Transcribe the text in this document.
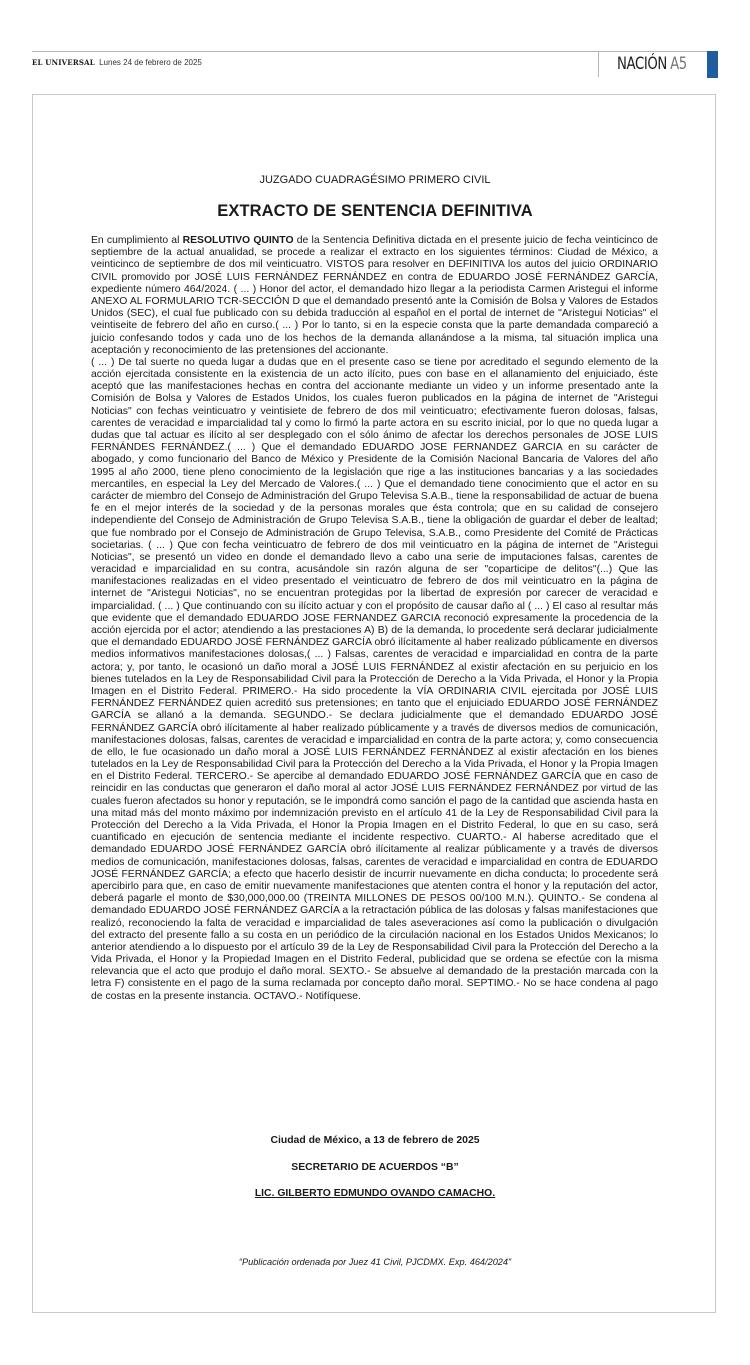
EL UNIVERSAL Lunes 24 de febrero de 2025	NACIÓN A5
JUZGADO CUADRAGÉSIMO PRIMERO CIVIL
EXTRACTO DE SENTENCIA DEFINITIVA

En cumplimiento al RESOLUTIVO QUINTO de la Sentencia Definitiva dictada en el presente juicio de fecha veinticinco de septiembre de la actual anualidad, se procede a realizar el extracto en los siguientes términos: Ciudad de México, a veinticinco de septiembre de dos mil veinticuatro. VISTOS para resolver en DEFINITIVA los autos del juicio ORDINARIO CIVIL promovido por JOSÉ LUIS FERNÁNDEZ FERNÁNDEZ en contra de EDUARDO JOSÉ FERNÁNDEZ GARCÍA, expediente número 464/2024. ( ... ) Honor del actor, el demandado hizo llegar a la periodista Carmen Aristegui el informe ANEXO AL FORMULARIO TCR-SECCIÓN D que el demandado presentó ante la Comisión de Bolsa y Valores de Estados Unidos (SEC), el cual fue publicado con su debida traducción al español en el portal de internet de "Aristegui Noticias" el veintiseite de febrero del año en curso.( ... ) Por lo tanto, si en la especie consta que la parte demandada compareció a juicio confesando todos y cada uno de los hechos de la demanda allanándose a la misma, tal situación implica una aceptación y reconocimiento de las pretensiones del accionante.

( ... ) De tal suerte no queda lugar a dudas que en el presente caso se tiene por acreditado el segundo elemento de la acción ejercitada consistente en la existencia de un acto ilícito, pues con base en el allanamiento del enjuiciado, éste aceptó que las manifestaciones hechas en contra del accionante mediante un video y un informe presentado ante la Comisión de Bolsa y Valores de Estados Unidos, los cuales fueron publicados en la página de internet de "Aristegui Noticias" con fechas veinticuatro y veintisiete de febrero de dos mil veinticuatro; efectivamente fueron dolosas, falsas, carentes de veracidad e imparcialidad tal y como lo firmó la parte actora en su escrito inicial, por lo que no queda lugar a dudas que tal actuar es ilícito al ser desplegado con el sólo ánimo de afectar los derechos personales de JOSE LUIS FERNÁNDES FERNÁNDEZ.( ... ) Que el demandado EDUARDO JOSE FERNANDEZ GARCIA en su carácter de abogado, y como funcionario del Banco de México y Presidente de la Comisión Nacional Bancaria de Valores del año 1995 al año 2000, tiene pleno conocimiento de la legislación que rige a las instituciones bancarias y a las sociedades mercantiles, en especial la Ley del Mercado de Valores.( ... ) Que el demandado tiene conocimiento que el actor en su carácter de miembro del Consejo de Administración del Grupo Televisa S.A.B., tiene la responsabilidad de actuar de buena fe en el mejor interés de la sociedad y de la personas morales que ésta controla; que en su calidad de consejero independiente del Consejo de Administración de Grupo Televisa S.A.B., tiene la obligación de guardar el deber de lealtad; que fue nombrado por el Consejo de Administración de Grupo Televisa, S.A.B., como Presidente del Comité de Prácticas societarias. ( ... ) Que con fecha veinticuatro de febrero de dos mil veinticuatro en la página de internet de "Aristegui Noticias", se presentó un video en donde el demandado llevo a cabo una serie de imputaciones falsas, carentes de veracidad e imparcialidad en su contra, acusándole sin razón alguna de ser "coparticipe de delitos"(...) Que las manifestaciones realizadas en el video presentado el veinticuatro de febrero de dos mil veinticuatro en la página de internet de "Aristegui Noticias", no se encuentran protegidas por la libertad de expresión por carecer de veracidad e imparcialidad. ( ... ) Que continuando con su ilícito actuar y con el propósito de causar daño al ( ... ) El caso al resultar más que evidente que el demandado EDUARDO JOSE FERNANDEZ GARCIA reconoció expresamente la procedencia de la acción ejercida por el actor; atendiendo a las prestaciones A) B) de la demanda, lo procedente será declarar judicialmente que el demandado EDUARDO JOSÉ FERNÁNDEZ GARCÍA obró ilícitamente al haber realizado públicamente en diversos medios informativos manifestaciones dolosas,( ... ) Falsas, carentes de veracidad e imparcialidad en contra de la parte actora; y, por tanto, le ocasionó un daño moral a JOSÉ LUIS FERNÁNDEZ al existir afectación en su perjuicio en los bienes tutelados en la Ley de Responsabilidad Civil para la Protección de Derecho a la Vida Privada, el Honor y la Propia Imagen en el Distrito Federal. PRIMERO.- Ha sido procedente la VÍA ORDINARIA CIVIL ejercitada por JOSÉ LUIS FERNÁNDEZ FERNÁNDEZ quien acreditó sus pretensiones; en tanto que el enjuiciado EDUARDO JOSÉ FERNÁNDEZ GARCÍA se allanó a la demanda. SEGUNDO.- Se declara judicialmente que el demandado EDUARDO JOSÉ FERNÁNDEZ GARCÍA obró ilícitamente al haber realizado públicamente y a través de diversos medios de comunicación, manifestaciones dolosas, falsas, carentes de veracidad e imparcialidad en contra de la parte actora; y, como consecuencia de ello, le fue ocasionado un daño moral a JOSÉ LUIS FERNÁNDEZ FERNÁNDEZ al existir afectación en los bienes tutelados en la Ley de Responsabilidad Civil para la Protección del Derecho a la Vida Privada, el Honor y la Propia Imagen en el Distrito Federal. TERCERO.- Se apercibe al demandado EDUARDO JOSÉ FERNÁNDEZ GARCÍA que en caso de reincidir en las conductas que generaron el daño moral al actor JOSÉ LUIS FERNÁNDEZ FERNÁNDEZ por virtud de las cuales fueron afectados su honor y reputación, se le impondrá como sanción el pago de la cantidad que ascienda hasta en una mitad más del monto máximo por indemnización previsto en el artículo 41 de la Ley de Responsabilidad Civil para la Protección del Derecho a la Vida Privada, el Honor la Propia Imagen en el Distrito Federal, lo que en su caso, será cuantificado en ejecución de sentencia mediante el incidente respectivo. CUARTO.- Al haberse acreditado que el demandado EDUARDO JOSÉ FERNÁNDEZ GARCÍA obró ilícitamente al realizar públicamente y a través de diversos medios de comunicación, manifestaciones dolosas, falsas, carentes de veracidad e imparcialidad en contra de EDUARDO JOSÉ FERNÁNDEZ GARCÍA; a efecto que hacerlo desistir de incurrir nuevamente en dicha conducta; lo procedente será apercibirlo para que, en caso de emitir nuevamente manifestaciones que atenten contra el honor y la reputación del actor, deberá pagarle el monto de $30,000,000.00 (TREINTA MILLONES DE PESOS 00/100 M.N.). QUINTO.- Se condena al demandado EDUARDO JOSÉ FERNÁNDEZ GARCÍA a la retractación pública de las dolosas y falsas manifestaciones que realizó, reconociendo la falta de veracidad e imparcialidad de tales aseveraciones así como la publicación o divulgación del extracto del presente fallo a su costa en un periódico de la circulación nacional en los Estados Unidos Mexicanos; lo anterior atendiendo a lo dispuesto por el artículo 39 de la Ley de Responsabilidad Civil para la Protección del Derecho a la Vida Privada, el Honor y la Propiedad Imagen en el Distrito Federal, publicidad que se ordena se efectúe con la misma relevancia que el acto que produjo el daño moral. SEXTO.- Se absuelve al demandado de la prestación marcada con la letra F) consistente en el pago de la suma reclamada por concepto daño moral. SEPTIMO.- No se hace condena al pago de costas en la presente instancia. OCTAVO.- Notifíquese.

Ciudad de México, a 13 de febrero de 2025
SECRETARIO DE ACUERDOS “B”
LIC. GILBERTO EDMUNDO OVANDO CAMACHO.
“Publicación ordenada por Juez 41 Civil, PJCDMX. Exp. 464/2024”
